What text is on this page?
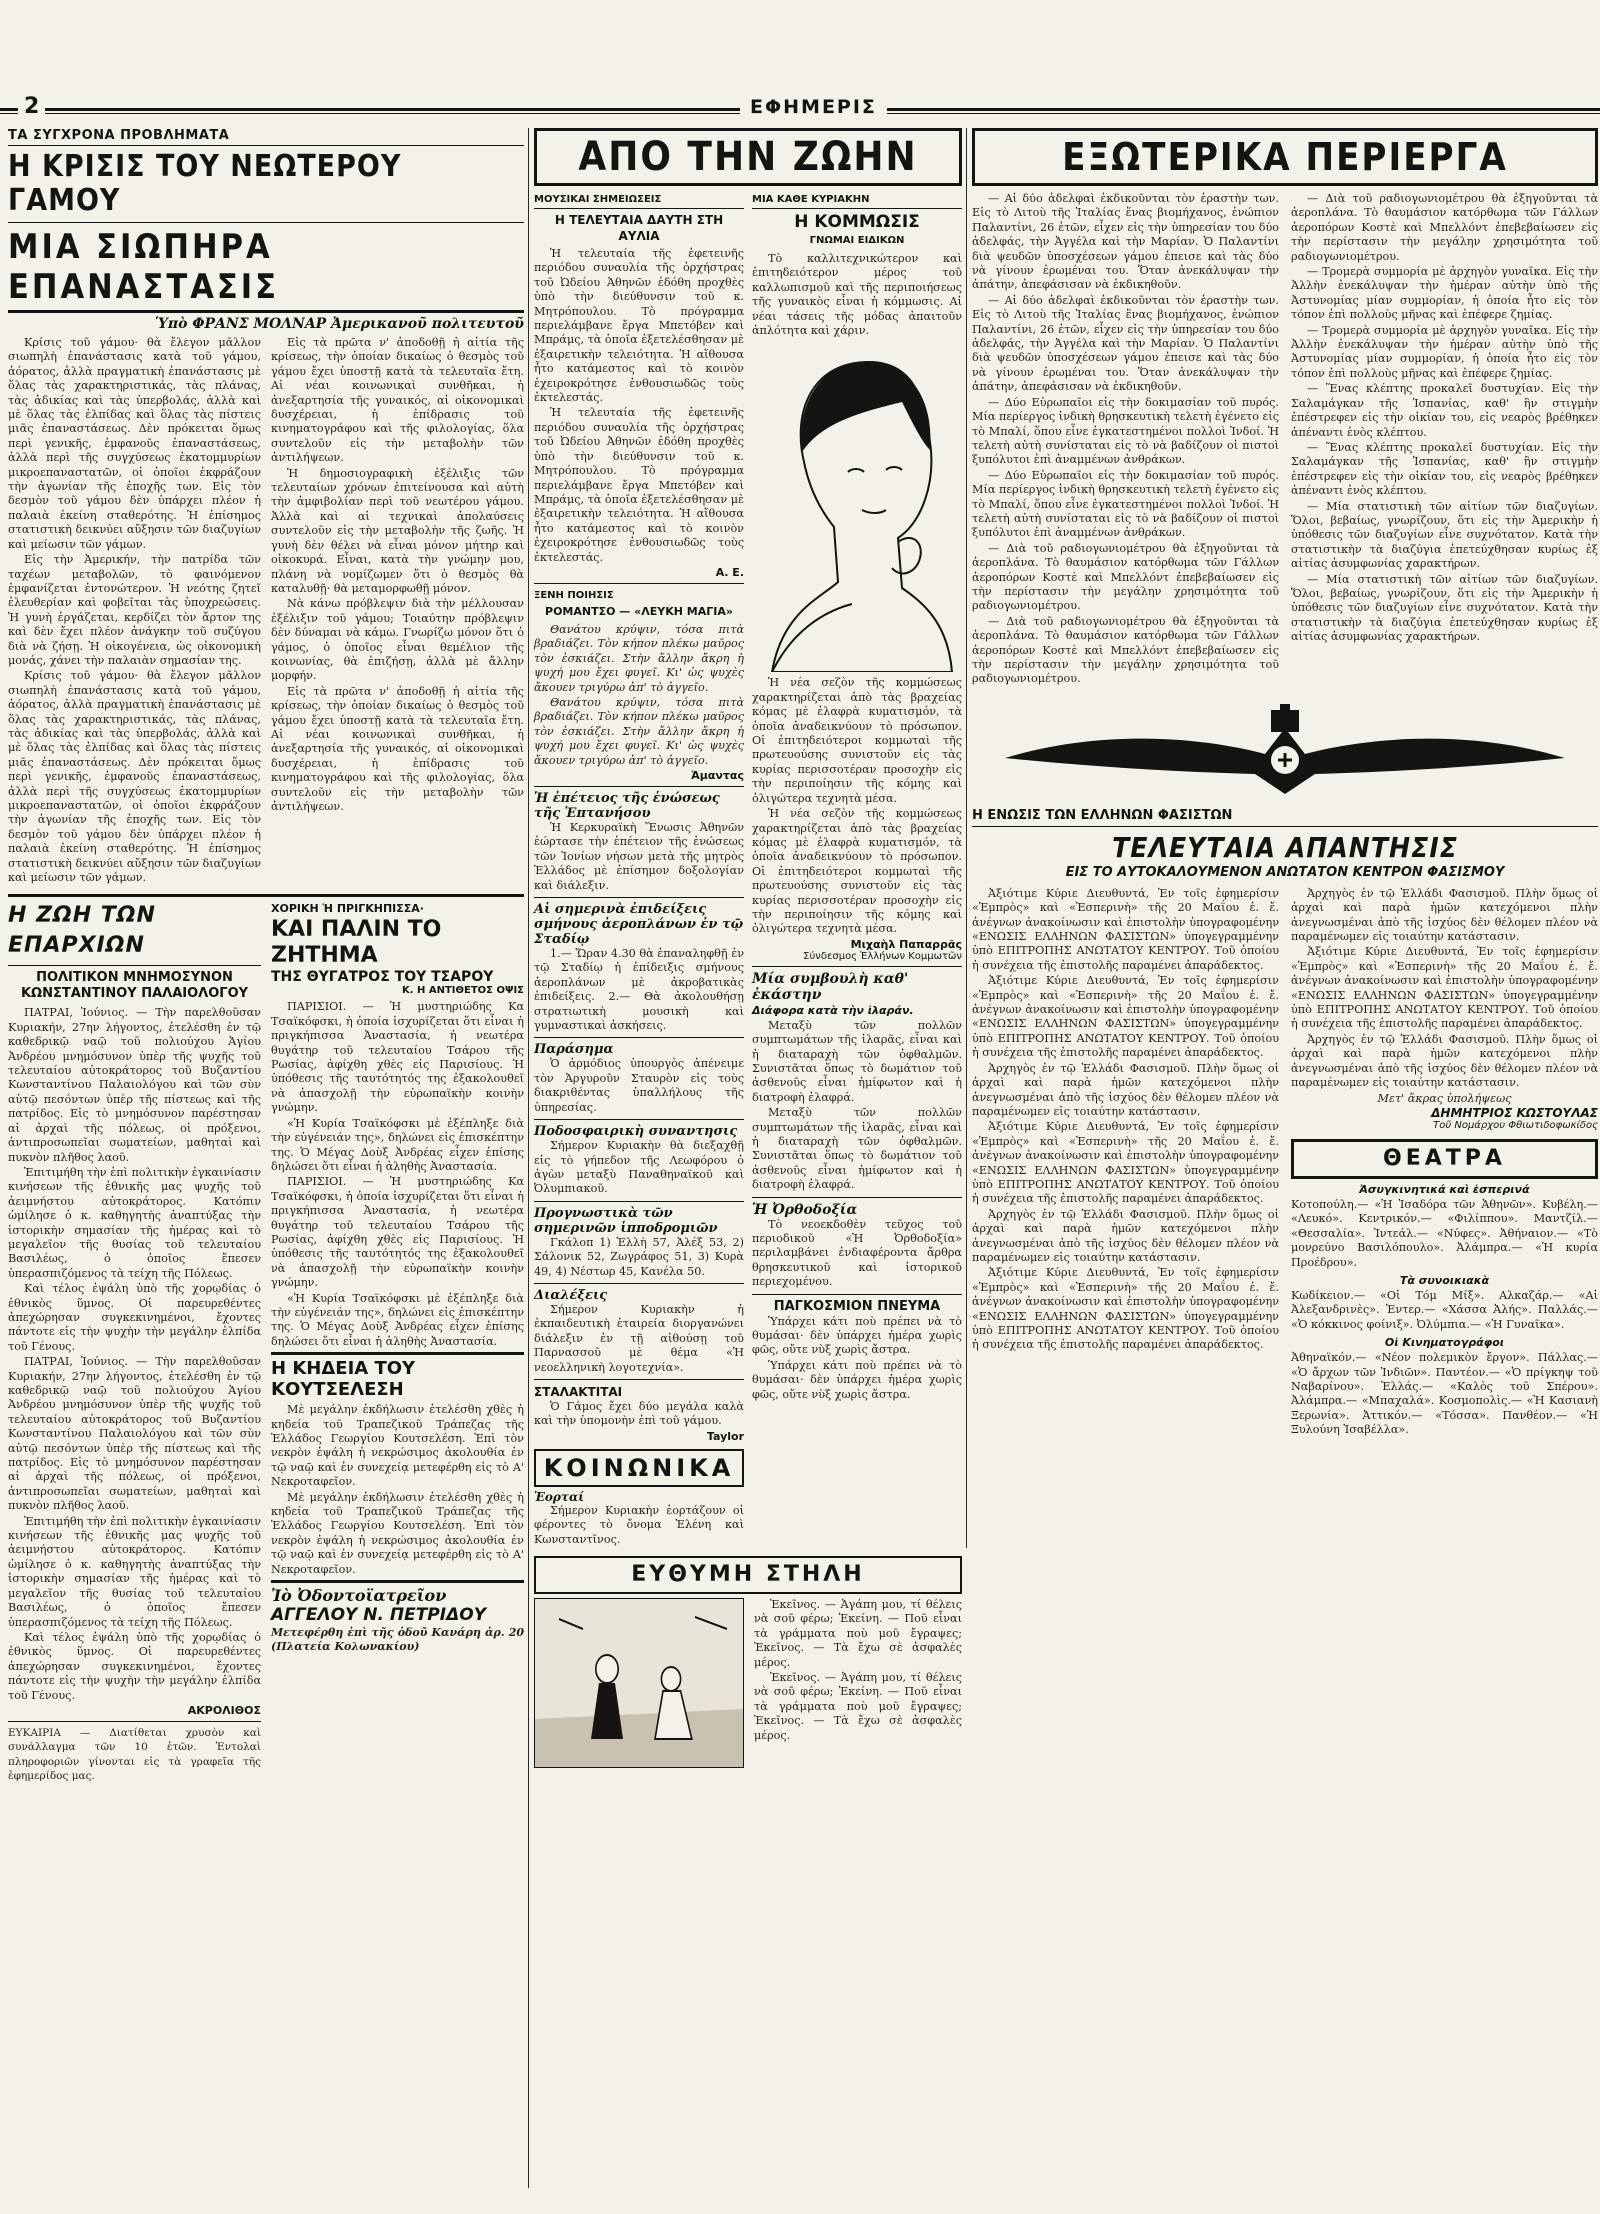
2	ΕΦΗΜΕΡΙΣ
ΤΑ ΣΥΓΧΡΟΝΑ ΠΡΟΒΛΗΜΑΤΑ
Η ΚΡΙΣΙΣ ΤΟΥ ΝΕΩΤΕΡΟΥ ΓΑΜΟΥ
ΜΙΑ ΣΙΩΠΗΡΑ ΕΠΑΝΑΣΤΑΣΙΣ
Ὑπὸ ΦΡΑΝΣ ΜΟΛΝΑΡ Ἀμερικανοῦ πολιτευτοῦ

Κρίσις τοῦ γάμου· θὰ ἔλεγον μᾶλλον σιωπηλὴ ἐπανάστασις κατὰ τοῦ γάμου, ἀόρατος, ἀλλὰ πραγματικὴ ἐπανάστασις μὲ ὅλας τὰς χαρακτηριστικάς, τὰς πλάνας, τὰς ἀδικίας καὶ τὰς ὑπερβολάς, ἀλλὰ καὶ μὲ ὅλας τὰς ἐλπίδας καὶ ὅλας τὰς πίστεις μιᾶς ἐπαναστάσεως. Δὲν πρόκειται ὅμως περὶ γενικῆς, ἐμφανοῦς ἐπαναστάσεως, ἀλλὰ περὶ τῆς συγχύσεως ἑκατομμυρίων μικροεπαναστατῶν, οἱ ὁποῖοι ἐκφράζουν τὴν ἀγωνίαν τῆς ἐποχῆς των. Εἰς τὸν δεσμὸν τοῦ γάμου δὲν ὑπάρχει πλέον ἡ παλαιὰ ἐκείνη σταθερότης. Ἡ ἐπίσημος στατιστικὴ δεικνύει αὔξησιν τῶν διαζυγίων καὶ μείωσιν τῶν γάμων.

Εἰς τὴν Ἀμερικήν, τὴν πατρίδα τῶν ταχέων μεταβολῶν, τὸ φαινόμενον ἐμφανίζεται ἐντονώτερον. Ἡ νεότης ζητεῖ ἐλευθερίαν καὶ φοβεῖται τὰς ὑποχρεώσεις. Ἡ γυνὴ ἐργάζεται, κερδίζει τὸν ἄρτον της καὶ δὲν ἔχει πλέον ἀνάγκην τοῦ συζύγου διὰ νὰ ζήσῃ. Ἡ οἰκογένεια, ὡς οἰκονομικὴ μονάς, χάνει τὴν παλαιὰν σημασίαν της.

Κρίσις τοῦ γάμου· θὰ ἔλεγον μᾶλλον σιωπηλὴ ἐπανάστασις κατὰ τοῦ γάμου, ἀόρατος, ἀλλὰ πραγματικὴ ἐπανάστασις μὲ ὅλας τὰς χαρακτηριστικάς, τὰς πλάνας, τὰς ἀδικίας καὶ τὰς ὑπερβολάς, ἀλλὰ καὶ μὲ ὅλας τὰς ἐλπίδας καὶ ὅλας τὰς πίστεις μιᾶς ἐπαναστάσεως. Δὲν πρόκειται ὅμως περὶ γενικῆς, ἐμφανοῦς ἐπαναστάσεως, ἀλλὰ περὶ τῆς συγχύσεως ἑκατομμυρίων μικροεπαναστατῶν, οἱ ὁποῖοι ἐκφράζουν τὴν ἀγωνίαν τῆς ἐποχῆς των. Εἰς τὸν δεσμὸν τοῦ γάμου δὲν ὑπάρχει πλέον ἡ παλαιὰ ἐκείνη σταθερότης. Ἡ ἐπίσημος στατιστικὴ δεικνύει αὔξησιν τῶν διαζυγίων καὶ μείωσιν τῶν γάμων.

Εἰς τὰ πρῶτα ν' ἀποδοθῇ ἡ αἰτία τῆς κρίσεως, τὴν ὁποίαν δικαίως ὁ θεσμὸς τοῦ γάμου ἔχει ὑποστῇ κατὰ τὰ τελευταῖα ἔτη. Αἱ νέαι κοινωνικαὶ συνθῆκαι, ἡ ἀνεξαρτησία τῆς γυναικός, αἱ οἰκονομικαὶ δυσχέρειαι, ἡ ἐπίδρασις τοῦ κινηματογράφου καὶ τῆς φιλολογίας, ὅλα συντελοῦν εἰς τὴν μεταβολὴν τῶν ἀντιλήψεων.

Ἡ δημοσιογραφικὴ ἐξέλιξις τῶν τελευταίων χρόνων ἐπιτείνουσα καὶ αὐτὴ τὴν ἀμφιβολίαν περὶ τοῦ νεωτέρου γάμου. Ἀλλὰ καὶ αἱ τεχνικαὶ ἀπολαύσεις συντελοῦν εἰς τὴν μεταβολὴν τῆς ζωῆς. Ἡ γυνὴ δὲν θέλει νὰ εἶναι μόνον μήτηρ καὶ οἰκοκυρά. Εἶναι, κατὰ τὴν γνώμην μου, πλάνη νὰ νομίζωμεν ὅτι ὁ θεσμὸς θὰ καταλυθῇ· θὰ μεταμορφωθῇ μόνον.

Νὰ κάνω πρόβλεψιν διὰ τὴν μέλλουσαν ἐξέλιξιν τοῦ γάμου; Τοιαύτην πρόβλεψιν δὲν δύναμαι νὰ κάμω. Γνωρίζω μόνον ὅτι ὁ γάμος, ὁ ὁποῖος εἶναι θεμέλιον τῆς κοινωνίας, θὰ ἐπιζήσῃ, ἀλλὰ μὲ ἄλλην μορφήν.

Εἰς τὰ πρῶτα ν' ἀποδοθῇ ἡ αἰτία τῆς κρίσεως, τὴν ὁποίαν δικαίως ὁ θεσμὸς τοῦ γάμου ἔχει ὑποστῇ κατὰ τὰ τελευταῖα ἔτη. Αἱ νέαι κοινωνικαὶ συνθῆκαι, ἡ ἀνεξαρτησία τῆς γυναικός, αἱ οἰκονομικαὶ δυσχέρειαι, ἡ ἐπίδρασις τοῦ κινηματογράφου καὶ τῆς φιλολογίας, ὅλα συντελοῦν εἰς τὴν μεταβολὴν τῶν ἀντιλήψεων.

Η ΖΩΗ ΤΩΝ ΕΠΑΡΧΙΩΝ
ΠΟΛΙΤΙΚΟΝ ΜΝΗΜΟΣΥΝΟΝ
ΚΩΝΣΤΑΝΤΙΝΟΥ ΠΑΛΑΙΟΛΟΓΟΥ

ΠΑΤΡΑΙ, Ἰούνιος. — Τὴν παρελθοῦσαν Κυριακήν, 27ην λήγοντος, ἐτελέσθη ἐν τῷ καθεδρικῷ ναῷ τοῦ πολιούχου Ἁγίου Ἀνδρέου μνημόσυνον ὑπὲρ τῆς ψυχῆς τοῦ τελευταίου αὐτοκράτορος τοῦ Βυζαντίου Κωνσταντίνου Παλαιολόγου καὶ τῶν σὺν αὐτῷ πεσόντων ὑπὲρ τῆς πίστεως καὶ τῆς πατρίδος. Εἰς τὸ μνημόσυνον παρέστησαν αἱ ἀρχαὶ τῆς πόλεως, οἱ πρόξενοι, ἀντιπροσωπεῖαι σωματείων, μαθηταὶ καὶ πυκνὸν πλῆθος λαοῦ.

Ἐπιτιμήθη τὴν ἐπὶ πολιτικὴν ἐγκαινίασιν κινήσεων τῆς ἐθνικῆς μας ψυχῆς τοῦ ἀειμνήστου αὐτοκράτορος. Κατόπιν ὡμίλησε ὁ κ. καθηγητὴς ἀναπτύξας τὴν ἱστορικὴν σημασίαν τῆς ἡμέρας καὶ τὸ μεγαλεῖον τῆς θυσίας τοῦ τελευταίου Βασιλέως, ὁ ὁποῖος ἔπεσεν ὑπερασπιζόμενος τὰ τείχη τῆς Πόλεως.

Καὶ τέλος ἐψάλη ὑπὸ τῆς χορῳδίας ὁ ἐθνικὸς ὕμνος. Οἱ παρευρεθέντες ἀπεχώρησαν συγκεκινημένοι, ἔχοντες πάντοτε εἰς τὴν ψυχὴν τὴν μεγάλην ἐλπίδα τοῦ Γένους.

ΠΑΤΡΑΙ, Ἰούνιος. — Τὴν παρελθοῦσαν Κυριακήν, 27ην λήγοντος, ἐτελέσθη ἐν τῷ καθεδρικῷ ναῷ τοῦ πολιούχου Ἁγίου Ἀνδρέου μνημόσυνον ὑπὲρ τῆς ψυχῆς τοῦ τελευταίου αὐτοκράτορος τοῦ Βυζαντίου Κωνσταντίνου Παλαιολόγου καὶ τῶν σὺν αὐτῷ πεσόντων ὑπὲρ τῆς πίστεως καὶ τῆς πατρίδος. Εἰς τὸ μνημόσυνον παρέστησαν αἱ ἀρχαὶ τῆς πόλεως, οἱ πρόξενοι, ἀντιπροσωπεῖαι σωματείων, μαθηταὶ καὶ πυκνὸν πλῆθος λαοῦ.

Ἐπιτιμήθη τὴν ἐπὶ πολιτικὴν ἐγκαινίασιν κινήσεων τῆς ἐθνικῆς μας ψυχῆς τοῦ ἀειμνήστου αὐτοκράτορος. Κατόπιν ὡμίλησε ὁ κ. καθηγητὴς ἀναπτύξας τὴν ἱστορικὴν σημασίαν τῆς ἡμέρας καὶ τὸ μεγαλεῖον τῆς θυσίας τοῦ τελευταίου Βασιλέως, ὁ ὁποῖος ἔπεσεν ὑπερασπιζόμενος τὰ τείχη τῆς Πόλεως.

Καὶ τέλος ἐψάλη ὑπὸ τῆς χορῳδίας ὁ ἐθνικὸς ὕμνος. Οἱ παρευρεθέντες ἀπεχώρησαν συγκεκινημένοι, ἔχοντες πάντοτε εἰς τὴν ψυχὴν τὴν μεγάλην ἐλπίδα τοῦ Γένους.

ΑΚΡΟΛΙΘΟΣ
ΕΥΚΑΙΡΙΑ — Διατίθεται χρυσὸν καὶ συνάλλαγμα τῶν 10 ἐτῶν. Ἐντολαὶ πληροφοριῶν γίνονται εἰς τὰ γραφεῖα τῆς ἐφημερίδος μας.
ΧΟΡΙΚΗ Ἡ ΠΡΙΓΚΗΠΙΣΣΑ·
ΚΑΙ ΠΑΛΙΝ ΤΟ ΖΗΤΗΜΑ
ΤΗΣ ΘΥΓΑΤΡΟΣ ΤΟΥ ΤΣΑΡΟΥ
Κ. Η ΑΝΤΙΘΕΤΟΣ ΟΨΙΣ

ΠΑΡΙΣΙΟΙ. — Ἡ μυστηριώδης Κα Τσαϊκόφσκι, ἡ ὁποία ἰσχυρίζεται ὅτι εἶναι ἡ πριγκήπισσα Ἀναστασία, ἡ νεωτέρα θυγάτηρ τοῦ τελευταίου Τσάρου τῆς Ρωσίας, ἀφίχθη χθὲς εἰς Παρισίους. Ἡ ὑπόθεσις τῆς ταυτότητός της ἐξακολουθεῖ νὰ ἀπασχολῇ τὴν εὐρωπαϊκὴν κοινὴν γνώμην.

«Ἡ Κυρία Τσαϊκόφσκι μὲ ἐξέπληξε διὰ τὴν εὐγένειάν της», δηλώνει εἰς ἐπισκέπτην της. Ὁ Μέγας Δοὺξ Ἀνδρέας εἶχεν ἐπίσης δηλώσει ὅτι εἶναι ἡ ἀληθὴς Ἀναστασία.

ΠΑΡΙΣΙΟΙ. — Ἡ μυστηριώδης Κα Τσαϊκόφσκι, ἡ ὁποία ἰσχυρίζεται ὅτι εἶναι ἡ πριγκήπισσα Ἀναστασία, ἡ νεωτέρα θυγάτηρ τοῦ τελευταίου Τσάρου τῆς Ρωσίας, ἀφίχθη χθὲς εἰς Παρισίους. Ἡ ὑπόθεσις τῆς ταυτότητός της ἐξακολουθεῖ νὰ ἀπασχολῇ τὴν εὐρωπαϊκὴν κοινὴν γνώμην.

«Ἡ Κυρία Τσαϊκόφσκι μὲ ἐξέπληξε διὰ τὴν εὐγένειάν της», δηλώνει εἰς ἐπισκέπτην της. Ὁ Μέγας Δοὺξ Ἀνδρέας εἶχεν ἐπίσης δηλώσει ὅτι εἶναι ἡ ἀληθὴς Ἀναστασία.

Η ΚΗΔΕΙΑ ΤΟΥ ΚΟΥΤΣΕΛΕΣΗ

Μὲ μεγάλην ἐκδήλωσιν ἐτελέσθη χθὲς ἡ κηδεία τοῦ Τραπεζικοῦ Τράπεζας τῆς Ἑλλάδος Γεωργίου Κουτσελέση. Ἐπὶ τὸν νεκρὸν ἐψάλη ἡ νεκρώσιμος ἀκολουθία ἐν τῷ ναῷ καὶ ἐν συνεχείᾳ μετεφέρθη εἰς τὸ Α' Νεκροταφεῖον.

Μὲ μεγάλην ἐκδήλωσιν ἐτελέσθη χθὲς ἡ κηδεία τοῦ Τραπεζικοῦ Τράπεζας τῆς Ἑλλάδος Γεωργίου Κουτσελέση. Ἐπὶ τὸν νεκρὸν ἐψάλη ἡ νεκρώσιμος ἀκολουθία ἐν τῷ ναῷ καὶ ἐν συνεχείᾳ μετεφέρθη εἰς τὸ Α' Νεκροταφεῖον.

Ἰὸ Ὀδοντοϊατρεῖον
ΑΓΓΕΛΟΥ Ν. ΠΕΤΡΙΔΟΥ
Μετεφέρθη ἐπὶ τῆς ὁδοῦ Κανάρη ἀρ. 20 (Πλατεία Κολωνακίου)
ΑΠΟ ΤΗΝ ΖΩΗΝ
ΜΟΥΣΙΚΑΙ ΣΗΜΕΙΩΣΕΙΣ
Η ΤΕΛΕΥΤΑΙΑ ΔΑΥΤΗ ΣΤΗ ΑΥΛΙΑ

Ἡ τελευταία τῆς ἐφετεινῆς περιόδου συναυλία τῆς ὀρχήστρας τοῦ Ὠδείου Ἀθηνῶν ἐδόθη προχθὲς ὑπὸ τὴν διεύθυνσιν τοῦ κ. Μητρόπουλου. Τὸ πρόγραμμα περιελάμβανε ἔργα Μπετόβεν καὶ Μπράμς, τὰ ὁποῖα ἐξετελέσθησαν μὲ ἐξαιρετικὴν τελειότητα. Ἡ αἴθουσα ἦτο κατάμεστος καὶ τὸ κοινὸν ἐχειροκρότησε ἐνθουσιωδῶς τοὺς ἐκτελεστάς.

Ἡ τελευταία τῆς ἐφετεινῆς περιόδου συναυλία τῆς ὀρχήστρας τοῦ Ὠδείου Ἀθηνῶν ἐδόθη προχθὲς ὑπὸ τὴν διεύθυνσιν τοῦ κ. Μητρόπουλου. Τὸ πρόγραμμα περιελάμβανε ἔργα Μπετόβεν καὶ Μπράμς, τὰ ὁποῖα ἐξετελέσθησαν μὲ ἐξαιρετικὴν τελειότητα. Ἡ αἴθουσα ἦτο κατάμεστος καὶ τὸ κοινὸν ἐχειροκρότησε ἐνθουσιωδῶς τοὺς ἐκτελεστάς.

Α. Ε.
ΞΕΝΗ ΠΟΙΗΣΙΣ
ΡΟΜΑΝΤΣΟ — «ΛΕΥΚΗ ΜΑΓΙΑ»

Θανάτου κρύψιν, τόσα πιτὰ βραδιάζει. Τὸν κήπον πλέκω μαῦρος τὸν ἐσκιάζει. Στὴν ἄλλην ἄκρη ἡ ψυχή μου ἔχει φυγεῖ. Κι' ὡς ψυχὲς ἄκουεν τριγύρω ἀπ' τὸ ἀγγεῖο.

Θανάτου κρύψιν, τόσα πιτὰ βραδιάζει. Τὸν κήπον πλέκω μαῦρος τὸν ἐσκιάζει. Στὴν ἄλλην ἄκρη ἡ ψυχή μου ἔχει φυγεῖ. Κι' ὡς ψυχὲς ἄκουεν τριγύρω ἀπ' τὸ ἀγγεῖο.

Ἀμαντας
Ἡ ἐπέτειος τῆς ἑνώσεως τῆς Ἑπτανήσου

Ἡ Κερκυραϊκὴ Ἕνωσις Ἀθηνῶν ἑώρτασε τὴν ἐπέτειον τῆς ἑνώσεως τῶν Ἰονίων νήσων μετὰ τῆς μητρὸς Ἑλλάδος μὲ ἐπίσημον δοξολογίαν καὶ διάλεξιν.

Αἱ σημερινὰ ἐπιδείξεις σμήνους ἀεροπλάνων ἐν τῷ Σταδίῳ

1.— Ὥραν 4.30 θὰ ἐπαναληφθῇ ἐν τῷ Σταδίῳ ἡ ἐπίδειξις σμήνους ἀεροπλάνων μὲ ἀκροβατικὰς ἐπιδείξεις. 2.— Θὰ ἀκολουθήσῃ στρατιωτικὴ μουσικὴ καὶ γυμναστικαὶ ἀσκήσεις.

Παράσημα

Ὁ ἀρμόδιος ὑπουργὸς ἀπένειμε τὸν Ἀργυροῦν Σταυρὸν εἰς τοὺς διακριθέντας ὑπαλλήλους τῆς ὑπηρεσίας.

Ποδοσφαιρικὴ συναντησις

Σήμερον Κυριακὴν θὰ διεξαχθῇ εἰς τὸ γήπεδον τῆς Λεωφόρου ὁ ἀγὼν μεταξὺ Παναθηναϊκοῦ καὶ Ὀλυμπιακοῦ.

Προγνωστικὰ τῶν σημερινῶν ἱπποδρομιῶν

Γκάλοπ 1) Ἑλλὴ 57, Ἀλέξ 53, 2) Σάλονικ 52, Ζωγράφος 51, 3) Κυρὰ 49, 4) Νέστωρ 45, Κανέλα 50.

Διαλέξεις

Σήμερον Κυριακὴν ἡ ἐκπαιδευτικὴ ἑταιρεία διοργανώνει διάλεξιν ἐν τῇ αἰθούσῃ τοῦ Παρνασσοῦ μὲ θέμα «Ἡ νεοελληνικὴ λογοτεχνία».

ΣΤΑΛΑΚΤΙΤΑΙ

Ὁ Γάμος ἔχει δύο μεγάλα καλὰ καὶ τὴν ὑπομονὴν ἐπὶ τοῦ γάμου.

Taylor
ΚΟΙΝΩΝΙΚΑ
Ἑορταί

Σήμερον Κυριακὴν ἑορτάζουν οἱ φέροντες τὸ ὄνομα Ἑλένη καὶ Κωνσταντῖνος.

ΜΙΑ ΚΑΘΕ ΚΥΡΙΑΚΗΝ
Η ΚΟΜΜΩΣΙΣ
ΓΝΩΜΑΙ ΕΙΔΙΚΩΝ

Τὸ καλλιτεχνικώτερον καὶ ἐπιτηδειότερον μέρος τοῦ καλλωπισμοῦ καὶ τῆς περιποιήσεως τῆς γυναικὸς εἶναι ἡ κόμμωσις. Αἱ νέαι τάσεις τῆς μόδας ἀπαιτοῦν ἁπλότητα καὶ χάριν.

Ἡ νέα σεζὸν τῆς κομμώσεως χαρακτηρίζεται ἀπὸ τὰς βραχείας κόμας μὲ ἐλαφρὰ κυματισμόν, τὰ ὁποῖα ἀναδεικνύουν τὸ πρόσωπον. Οἱ ἐπιτηδειότεροι κομμωταὶ τῆς πρωτευούσης συνιστοῦν εἰς τὰς κυρίας περισσοτέραν προσοχὴν εἰς τὴν περιποίησιν τῆς κόμης καὶ ὀλιγώτερα τεχνητὰ μέσα.

Ἡ νέα σεζὸν τῆς κομμώσεως χαρακτηρίζεται ἀπὸ τὰς βραχείας κόμας μὲ ἐλαφρὰ κυματισμόν, τὰ ὁποῖα ἀναδεικνύουν τὸ πρόσωπον. Οἱ ἐπιτηδειότεροι κομμωταὶ τῆς πρωτευούσης συνιστοῦν εἰς τὰς κυρίας περισσοτέραν προσοχὴν εἰς τὴν περιποίησιν τῆς κόμης καὶ ὀλιγώτερα τεχνητὰ μέσα.

Μιχαὴλ Παπαρρᾶς
Σύνδεσμος Ἑλλήνων Κομμωτῶν
Μία συμβουλὴ καθ' ἑκάστην
Διάφορα κατὰ τὴν ἰλαράν.

Μεταξὺ τῶν πολλῶν συμπτωμάτων τῆς ἰλαρᾶς, εἶναι καὶ ἡ διαταραχὴ τῶν ὀφθαλμῶν. Συνιστᾶται ὅπως τὸ δωμάτιον τοῦ ἀσθενοῦς εἶναι ἡμίφωτον καὶ ἡ διατροφὴ ἐλαφρά.

Μεταξὺ τῶν πολλῶν συμπτωμάτων τῆς ἰλαρᾶς, εἶναι καὶ ἡ διαταραχὴ τῶν ὀφθαλμῶν. Συνιστᾶται ὅπως τὸ δωμάτιον τοῦ ἀσθενοῦς εἶναι ἡμίφωτον καὶ ἡ διατροφὴ ἐλαφρά.

Ἡ Ὀρθοδοξία

Τὸ νεοεκδοθὲν τεῦχος τοῦ περιοδικοῦ «Ἡ Ὀρθοδοξία» περιλαμβάνει ἐνδιαφέροντα ἄρθρα θρησκευτικοῦ καὶ ἱστορικοῦ περιεχομένου.

ΠΑΓΚΟΣΜΙΟΝ ΠΝΕΥΜΑ

Ὑπάρχει κάτι ποὺ πρέπει νὰ τὸ θυμάσαι· δὲν ὑπάρχει ἡμέρα χωρὶς φῶς, οὔτε νὺξ χωρὶς ἄστρα.

Ὑπάρχει κάτι ποὺ πρέπει νὰ τὸ θυμάσαι· δὲν ὑπάρχει ἡμέρα χωρὶς φῶς, οὔτε νὺξ χωρὶς ἄστρα.

ΕΥΘΥΜΗ ΣΤΗΛΗ

Ἐκεῖνος. — Ἀγάπη μου, τί θέλεις νὰ σοῦ φέρω; Ἐκείνη. — Ποῦ εἶναι τὰ γράμματα ποὺ μοῦ ἔγραψες; Ἐκεῖνος. — Τὰ ἔχω σὲ ἀσφαλὲς μέρος.

Ἐκεῖνος. — Ἀγάπη μου, τί θέλεις νὰ σοῦ φέρω; Ἐκείνη. — Ποῦ εἶναι τὰ γράμματα ποὺ μοῦ ἔγραψες; Ἐκεῖνος. — Τὰ ἔχω σὲ ἀσφαλὲς μέρος.

ΕΞΩΤΕΡΙΚΑ ΠΕΡΙΕΡΓΑ

— Αἱ δύο ἀδελφαὶ ἐκδικοῦνται τὸν ἐραστὴν των. Εἰς τὸ Λιτοὺ τῆς Ἰταλίας ἕνας βιομήχανος, ἐνώπιον Παλαντίνι, 26 ἐτῶν, εἶχεν εἰς τὴν ὑπηρεσίαν του δύο ἀδελφάς, τὴν Ἀγγέλα καὶ τὴν Μαρίαν. Ὁ Παλαντίνι διὰ ψευδῶν ὑποσχέσεων γάμου ἐπεισε καὶ τὰς δύο νὰ γίνουν ἐρωμέναι του. Ὅταν ἀνεκάλυψαν τὴν ἀπάτην, ἀπεφάσισαν νὰ ἐκδικηθοῦν.

— Αἱ δύο ἀδελφαὶ ἐκδικοῦνται τὸν ἐραστὴν των. Εἰς τὸ Λιτοὺ τῆς Ἰταλίας ἕνας βιομήχανος, ἐνώπιον Παλαντίνι, 26 ἐτῶν, εἶχεν εἰς τὴν ὑπηρεσίαν του δύο ἀδελφάς, τὴν Ἀγγέλα καὶ τὴν Μαρίαν. Ὁ Παλαντίνι διὰ ψευδῶν ὑποσχέσεων γάμου ἐπεισε καὶ τὰς δύο νὰ γίνουν ἐρωμέναι του. Ὅταν ἀνεκάλυψαν τὴν ἀπάτην, ἀπεφάσισαν νὰ ἐκδικηθοῦν.

— Δύο Εὐρωπαῖοι εἰς τὴν δοκιμασίαν τοῦ πυρός. Μία περίεργος ἰνδικὴ θρησκευτικὴ τελετὴ ἐγένετο εἰς τὸ Μπαλί, ὅπου εἶνε ἐγκατεστημένοι πολλοὶ Ἰνδοί. Ἡ τελετὴ αὐτὴ συνίσταται εἰς τὸ νὰ βαδίζουν οἱ πιστοὶ ξυπόλυτοι ἐπὶ ἀναμμένων ἀνθράκων.

— Δύο Εὐρωπαῖοι εἰς τὴν δοκιμασίαν τοῦ πυρός. Μία περίεργος ἰνδικὴ θρησκευτικὴ τελετὴ ἐγένετο εἰς τὸ Μπαλί, ὅπου εἶνε ἐγκατεστημένοι πολλοὶ Ἰνδοί. Ἡ τελετὴ αὐτὴ συνίσταται εἰς τὸ νὰ βαδίζουν οἱ πιστοὶ ξυπόλυτοι ἐπὶ ἀναμμένων ἀνθράκων.

— Διὰ τοῦ ραδιογωνιομέτρου θὰ ἐξηγοῦνται τὰ ἀεροπλάνα. Τὸ θαυμάσιον κατόρθωμα τῶν Γάλλων ἀεροπόρων Κοστὲ καὶ Μπελλόντ ἐπεβεβαίωσεν εἰς τὴν περίστασιν τὴν μεγάλην χρησιμότητα τοῦ ραδιογωνιομέτρου.

— Διὰ τοῦ ραδιογωνιομέτρου θὰ ἐξηγοῦνται τὰ ἀεροπλάνα. Τὸ θαυμάσιον κατόρθωμα τῶν Γάλλων ἀεροπόρων Κοστὲ καὶ Μπελλόντ ἐπεβεβαίωσεν εἰς τὴν περίστασιν τὴν μεγάλην χρησιμότητα τοῦ ραδιογωνιομέτρου.

— Διὰ τοῦ ραδιογωνιομέτρου θὰ ἐξηγοῦνται τὰ ἀεροπλάνα. Τὸ θαυμάσιον κατόρθωμα τῶν Γάλλων ἀεροπόρων Κοστὲ καὶ Μπελλόντ ἐπεβεβαίωσεν εἰς τὴν περίστασιν τὴν μεγάλην χρησιμότητα τοῦ ραδιογωνιομέτρου.

— Τρομερὰ συμμορία μὲ ἀρχηγὸν γυναῖκα. Εἰς τὴν Ἀλλὴν ἐνεκάλυψαν τὴν ἡμέραν αὐτὴν ὑπὸ τῆς Ἀστυνομίας μίαν συμμορίαν, ἡ ὁποία ἦτο εἰς τὸν τόπον ἐπὶ πολλοὺς μῆνας καὶ ἐπέφερε ζημίας.

— Τρομερὰ συμμορία μὲ ἀρχηγὸν γυναῖκα. Εἰς τὴν Ἀλλὴν ἐνεκάλυψαν τὴν ἡμέραν αὐτὴν ὑπὸ τῆς Ἀστυνομίας μίαν συμμορίαν, ἡ ὁποία ἦτο εἰς τὸν τόπον ἐπὶ πολλοὺς μῆνας καὶ ἐπέφερε ζημίας.

— Ἕνας κλέπτης προκαλεῖ δυστυχίαν. Εἰς τὴν Σαλαμάγκαν τῆς Ἱσπανίας, καθ' ἣν στιγμὴν ἐπέστρεφεν εἰς τὴν οἰκίαν του, εἰς νεαρὸς βρέθηκεν ἀπέναντι ἑνὸς κλέπτου.

— Ἕνας κλέπτης προκαλεῖ δυστυχίαν. Εἰς τὴν Σαλαμάγκαν τῆς Ἱσπανίας, καθ' ἣν στιγμὴν ἐπέστρεφεν εἰς τὴν οἰκίαν του, εἰς νεαρὸς βρέθηκεν ἀπέναντι ἑνὸς κλέπτου.

— Μία στατιστικὴ τῶν αἰτίων τῶν διαζυγίων. Ὅλοι, βεβαίως, γνωρίζουν, ὅτι εἰς τὴν Ἀμερικὴν ἡ ὑπόθεσις τῶν διαζυγίων εἶνε συχνότατον. Κατὰ τὴν στατιστικὴν τὰ διαζύγια ἐπετεύχθησαν κυρίως ἐξ αἰτίας ἀσυμφωνίας χαρακτήρων.

— Μία στατιστικὴ τῶν αἰτίων τῶν διαζυγίων. Ὅλοι, βεβαίως, γνωρίζουν, ὅτι εἰς τὴν Ἀμερικὴν ἡ ὑπόθεσις τῶν διαζυγίων εἶνε συχνότατον. Κατὰ τὴν στατιστικὴν τὰ διαζύγια ἐπετεύχθησαν κυρίως ἐξ αἰτίας ἀσυμφωνίας χαρακτήρων.

Η ΕΝΩΣΙΣ ΤΩΝ ΕΛΛΗΝΩΝ ΦΑΣΙΣΤΩΝ
ΤΕΛΕΥΤΑΙΑ ΑΠΑΝΤΗΣΙΣ
ΕΙΣ ΤΟ ΑΥΤΟΚΑΛΟΥΜΕΝΟΝ ΑΝΩΤΑΤΟΝ ΚΕΝΤΡΟΝ ΦΑΣΙΣΜΟΥ

Ἀξιότιμε Κύριε Διευθυντά, Ἐν τοῖς ἐφημερίσιν «Ἐμπρὸς» καὶ «Ἐσπερινὴ» τῆς 20 Μαΐου ἐ. ἔ. ἀνέγνων ἀνακοίνωσιν καὶ ἐπιστολὴν ὑπογραφομένην «ΕΝΩΣΙΣ ΕΛΛΗΝΩΝ ΦΑΣΙΣΤΩΝ» ὑπογεγραμμένην ὑπὸ ΕΠΙΤΡΟΠΗΣ ΑΝΩΤΑΤΟΥ ΚΕΝΤΡΟΥ. Τοῦ ὁποίου ἡ συνέχεια τῆς ἐπιστολῆς παραμένει ἀπαράδεκτος.

Ἀξιότιμε Κύριε Διευθυντά, Ἐν τοῖς ἐφημερίσιν «Ἐμπρὸς» καὶ «Ἐσπερινὴ» τῆς 20 Μαΐου ἐ. ἔ. ἀνέγνων ἀνακοίνωσιν καὶ ἐπιστολὴν ὑπογραφομένην «ΕΝΩΣΙΣ ΕΛΛΗΝΩΝ ΦΑΣΙΣΤΩΝ» ὑπογεγραμμένην ὑπὸ ΕΠΙΤΡΟΠΗΣ ΑΝΩΤΑΤΟΥ ΚΕΝΤΡΟΥ. Τοῦ ὁποίου ἡ συνέχεια τῆς ἐπιστολῆς παραμένει ἀπαράδεκτος.

Ἀρχηγὸς ἐν τῷ Ἑλλάδι Φασισμοῦ. Πλὴν ὅμως οἱ ἀρχαὶ καὶ παρὰ ἡμῶν κατεχόμενοι πλὴν ἀνεγνωσμέναι ἀπὸ τῆς ἰσχύος δὲν θέλομεν πλέον νὰ παραμένωμεν εἰς τοιαύτην κατάστασιν.

Ἀξιότιμε Κύριε Διευθυντά, Ἐν τοῖς ἐφημερίσιν «Ἐμπρὸς» καὶ «Ἐσπερινὴ» τῆς 20 Μαΐου ἐ. ἔ. ἀνέγνων ἀνακοίνωσιν καὶ ἐπιστολὴν ὑπογραφομένην «ΕΝΩΣΙΣ ΕΛΛΗΝΩΝ ΦΑΣΙΣΤΩΝ» ὑπογεγραμμένην ὑπὸ ΕΠΙΤΡΟΠΗΣ ΑΝΩΤΑΤΟΥ ΚΕΝΤΡΟΥ. Τοῦ ὁποίου ἡ συνέχεια τῆς ἐπιστολῆς παραμένει ἀπαράδεκτος.

Ἀρχηγὸς ἐν τῷ Ἑλλάδι Φασισμοῦ. Πλὴν ὅμως οἱ ἀρχαὶ καὶ παρὰ ἡμῶν κατεχόμενοι πλὴν ἀνεγνωσμέναι ἀπὸ τῆς ἰσχύος δὲν θέλομεν πλέον νὰ παραμένωμεν εἰς τοιαύτην κατάστασιν.

Ἀξιότιμε Κύριε Διευθυντά, Ἐν τοῖς ἐφημερίσιν «Ἐμπρὸς» καὶ «Ἐσπερινὴ» τῆς 20 Μαΐου ἐ. ἔ. ἀνέγνων ἀνακοίνωσιν καὶ ἐπιστολὴν ὑπογραφομένην «ΕΝΩΣΙΣ ΕΛΛΗΝΩΝ ΦΑΣΙΣΤΩΝ» ὑπογεγραμμένην ὑπὸ ΕΠΙΤΡΟΠΗΣ ΑΝΩΤΑΤΟΥ ΚΕΝΤΡΟΥ. Τοῦ ὁποίου ἡ συνέχεια τῆς ἐπιστολῆς παραμένει ἀπαράδεκτος.

Ἀρχηγὸς ἐν τῷ Ἑλλάδι Φασισμοῦ. Πλὴν ὅμως οἱ ἀρχαὶ καὶ παρὰ ἡμῶν κατεχόμενοι πλὴν ἀνεγνωσμέναι ἀπὸ τῆς ἰσχύος δὲν θέλομεν πλέον νὰ παραμένωμεν εἰς τοιαύτην κατάστασιν.

Ἀξιότιμε Κύριε Διευθυντά, Ἐν τοῖς ἐφημερίσιν «Ἐμπρὸς» καὶ «Ἐσπερινὴ» τῆς 20 Μαΐου ἐ. ἔ. ἀνέγνων ἀνακοίνωσιν καὶ ἐπιστολὴν ὑπογραφομένην «ΕΝΩΣΙΣ ΕΛΛΗΝΩΝ ΦΑΣΙΣΤΩΝ» ὑπογεγραμμένην ὑπὸ ΕΠΙΤΡΟΠΗΣ ΑΝΩΤΑΤΟΥ ΚΕΝΤΡΟΥ. Τοῦ ὁποίου ἡ συνέχεια τῆς ἐπιστολῆς παραμένει ἀπαράδεκτος.

Ἀρχηγὸς ἐν τῷ Ἑλλάδι Φασισμοῦ. Πλὴν ὅμως οἱ ἀρχαὶ καὶ παρὰ ἡμῶν κατεχόμενοι πλὴν ἀνεγνωσμέναι ἀπὸ τῆς ἰσχύος δὲν θέλομεν πλέον νὰ παραμένωμεν εἰς τοιαύτην κατάστασιν.

Μετ' ἄκρας ὑπολήψεως
ΔΗΜΗΤΡΙΟΣ ΚΩΣΤΟΥΛΑΣ
Τοῦ Νομάρχου Φθιωτιδοφωκίδος
ΘΕΑΤΡΑ
Ἀσυγκινητικά καὶ ἑσπερινά
Κοτοπούλη.— «Ἡ Ἰσαδόρα τῶν Ἀθηνῶν». Κυβέλη.— «Λευκό». Κεντρικόν.— «Φιλίππου». Μαντζίλ.— «Θεσσαλία». Ἰντεάλ.— «Νύφες». Ἀθήναιον.— «Τὸ μονρεύνο Βασιλόπουλο». Ἀλάμπρα.— «Ἡ κυρία Προέδρου».
Τὰ συνοικιακὰ
Κωδίκειον.— «Οἱ Τόμ Μίξ». Αλκαζάρ.— «Αἰ Ἀλεξανδρινὲς». Ἐντερ.— «Χάσσα Ἀλής». Παλλάς.— «Ὁ κόκκινος φοίνιξ». Ὀλύμπια.— «Ἡ Γυναῖκα».
Οἱ Κινηματογράφοι
Ἀθηναϊκόν.— «Νέον πολεμικὸν ἔργον». Πάλλας.— «Ὁ ἄρχων τῶν Ἰνδιῶν». Παντέον.— «Ὁ πρίγκηψ τοῦ Ναβαρίνου». Ἐλλάς.— «Καλὸς τοῦ Σπέρου». Ἀλάμπρα.— «Μπαχαλά». Κοσμοπολὶς.— «Ἡ Κασιανὴ Ξερωνία». Ἀττικόν.— «Τόσσα». Πανθέον.— «Ἡ Ξυλούνη Ἰσαβέλλα».
